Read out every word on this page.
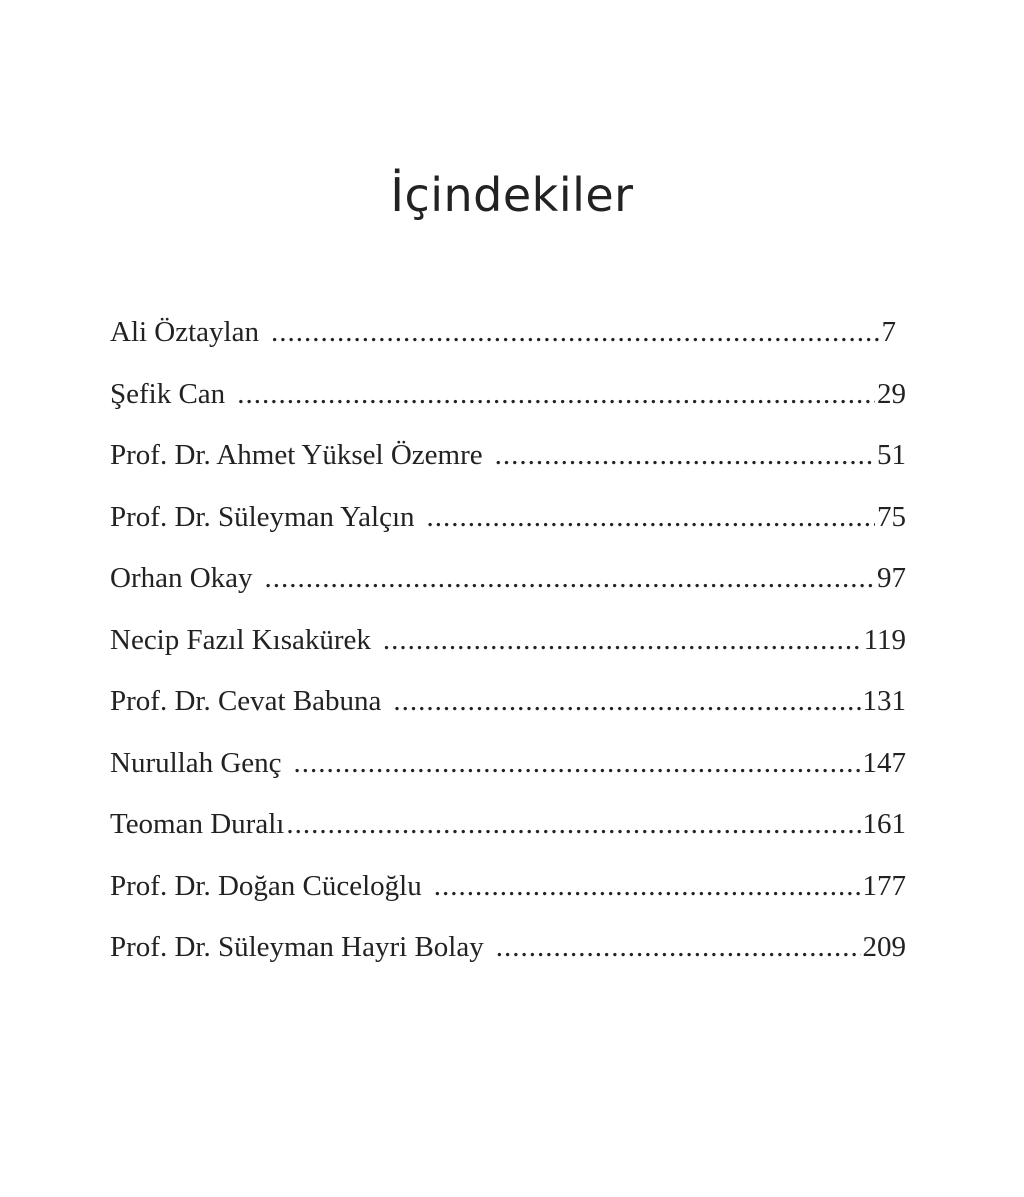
İçindekiler
Ali Öztaylan .....	7
Şefik Can .....	29
Prof. Dr. Ahmet Yüksel Özemre .....	51
Prof. Dr. Süleyman Yalçın .....	75
Orhan Okay .....	97
Necip Fazıl Kısakürek .....	119
Prof. Dr. Cevat Babuna .....	131
Nurullah Genç .....	147
Teoman Duralı .....	161
Prof. Dr. Doğan Cüceloğlu .....	177
Prof. Dr. Süleyman Hayri Bolay .....	209
